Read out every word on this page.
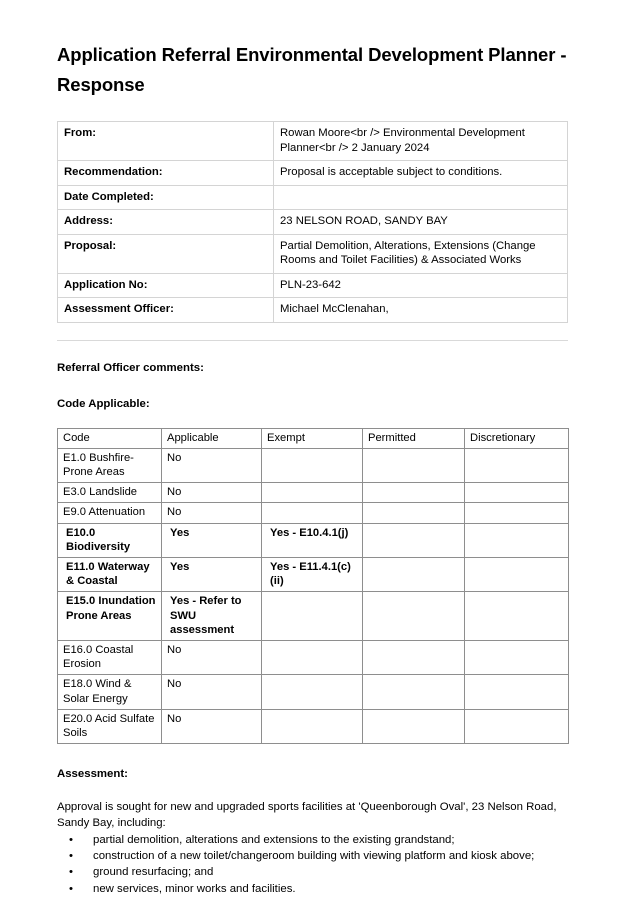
Application Referral Environmental Development Planner - Response
From:	Rowan Moore<br /> Environmental Development Planner<br /> 2 January 2024
Recommendation:	Proposal is acceptable subject to conditions.
Date Completed:	
Address:	23 NELSON ROAD, SANDY BAY
Proposal:	Partial Demolition, Alterations, Extensions (Change Rooms and Toilet Facilities) & Associated Works
Application No:	PLN-23-642
Assessment Officer:	Michael McClenahan,
Referral Officer comments:
Code Applicable:
Code	Applicable	Exempt	Permitted	Discretionary
E1.0 Bushfire-Prone Areas	No			
E3.0 Landslide	No			
E9.0 Attenuation	No			
E10.0 Biodiversity	Yes	Yes - E10.4.1(j)		
E11.0 Waterway & Coastal	Yes	Yes - E11.4.1(c) (ii)		
E15.0 Inundation Prone Areas	Yes - Refer to SWU assessment			
E16.0 Coastal Erosion	No			
E18.0 Wind & Solar Energy	No			
E20.0 Acid Sulfate Soils	No			
Assessment:
Approval is sought for new and upgraded sports facilities at 'Queenborough Oval', 23 Nelson Road, Sandy Bay, including:
• partial demolition, alterations and extensions to the existing grandstand;
• construction of a new toilet/changeroom building with viewing platform and kiosk above;
• ground resurfacing; and
• new services, minor works and facilities.
